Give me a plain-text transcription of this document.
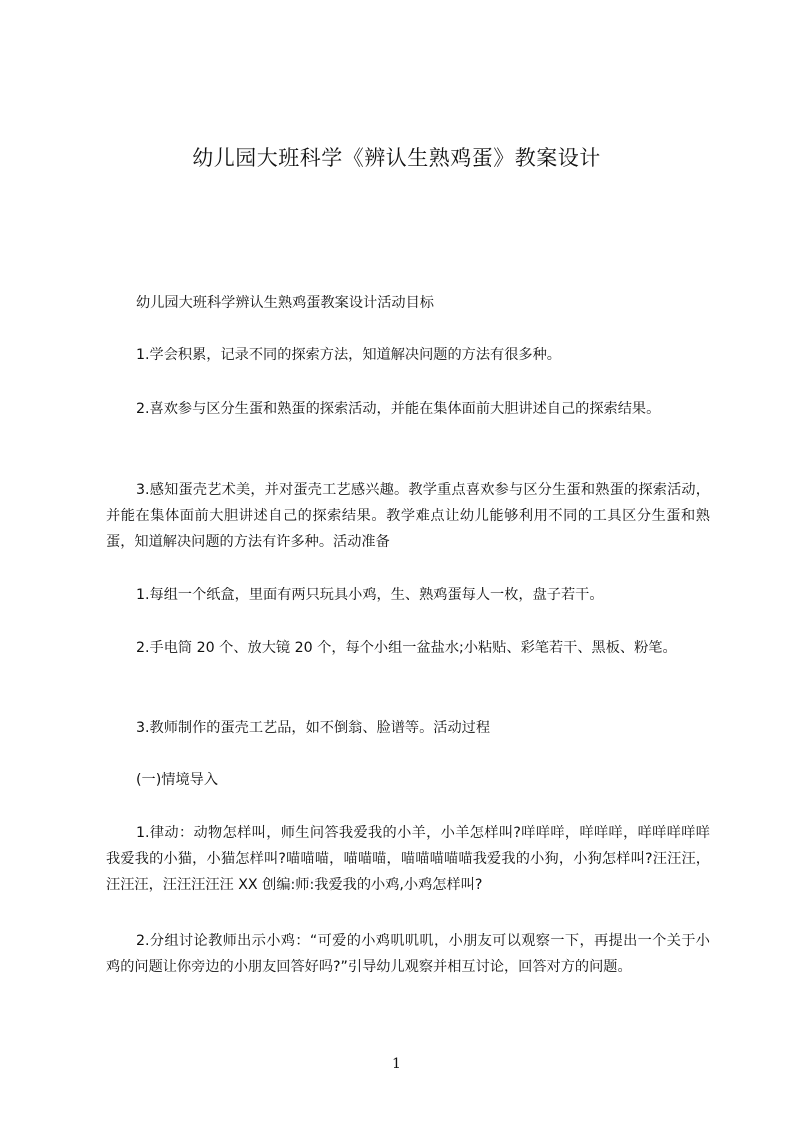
幼儿园大班科学《辨认生熟鸡蛋》教案设计

幼儿园大班科学辨认生熟鸡蛋教案设计活动目标

1.学会积累，记录不同的探索方法，知道解决问题的方法有很多种。

2.喜欢参与区分生蛋和熟蛋的探索活动，并能在集体面前大胆讲述自己的探索结果。

3.感知蛋壳艺术美，并对蛋壳工艺感兴趣。教学重点喜欢参与区分生蛋和熟蛋的探索活动，并能在集体面前大胆讲述自己的探索结果。教学难点让幼儿能够利用不同的工具区分生蛋和熟蛋，知道解决问题的方法有许多种。活动准备

1.每组一个纸盒，里面有两只玩具小鸡，生、熟鸡蛋每人一枚，盘子若干。

2.手电筒 20 个、放大镜 20 个，每个小组一盆盐水;小粘贴、彩笔若干、黑板、粉笔。

3.教师制作的蛋壳工艺品，如不倒翁、脸谱等。活动过程

(一)情境导入

1.律动：动物怎样叫，师生问答我爱我的小羊，小羊怎样叫?咩咩咩，咩咩咩，咩咩咩咩咩我爱我的小猫，小猫怎样叫?喵喵喵，喵喵喵，喵喵喵喵喵我爱我的小狗，小狗怎样叫?汪汪汪，汪汪汪，汪汪汪汪汪 XX 创编:师:我爱我的小鸡,小鸡怎样叫?

2.分组讨论教师出示小鸡：“可爱的小鸡叽叽叽，小朋友可以观察一下，再提出一个关于小鸡的问题让你旁边的小朋友回答好吗?”引导幼儿观察并相互讨论，回答对方的问题。

1
